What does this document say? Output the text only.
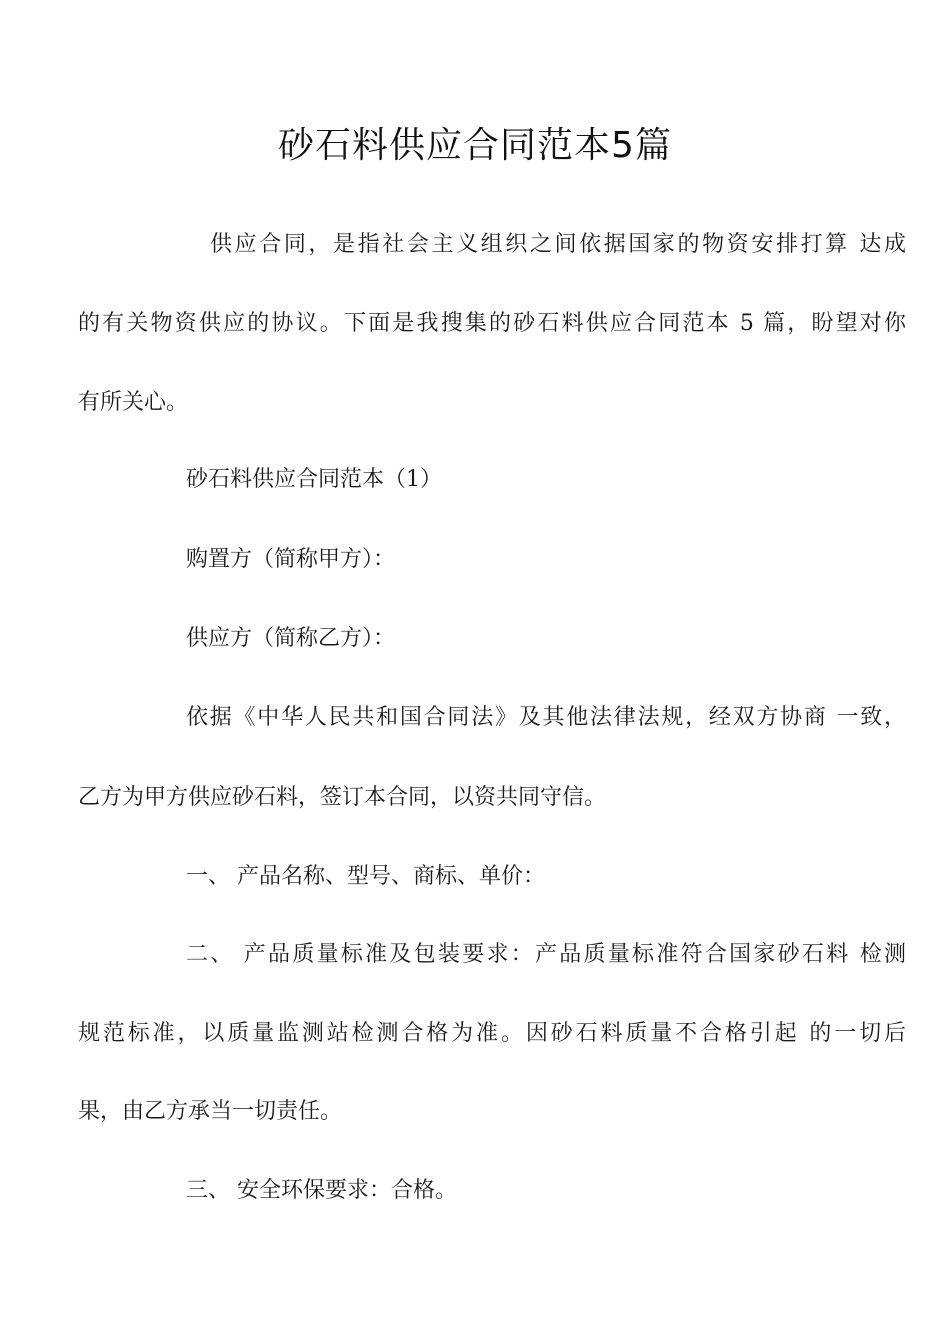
砂石料供应合同范本5篇
供应合同，是指社会主义组织之间依据国家的物资安排打算 达成
的有关物资供应的协议。下面是我搜集的砂石料供应合同范本 5 篇，盼望对你
有所关心。
砂石料供应合同范本（1）
购置方（简称甲方）：
供应方（简称乙方）：
依据《中华人民共和国合同法》及其他法律法规，经双方协商 一致，
乙方为甲方供应砂石料，签订本合同，以资共同守信。
一、 产品名称、型号、商标、单价：
二、 产品质量标准及包装要求：产品质量标准符合国家砂石料 检测
规范标准，以质量监测站检测合格为准。因砂石料质量不合格引起 的一切后
果，由乙方承当一切责任。
三、 安全环保要求：合格。
